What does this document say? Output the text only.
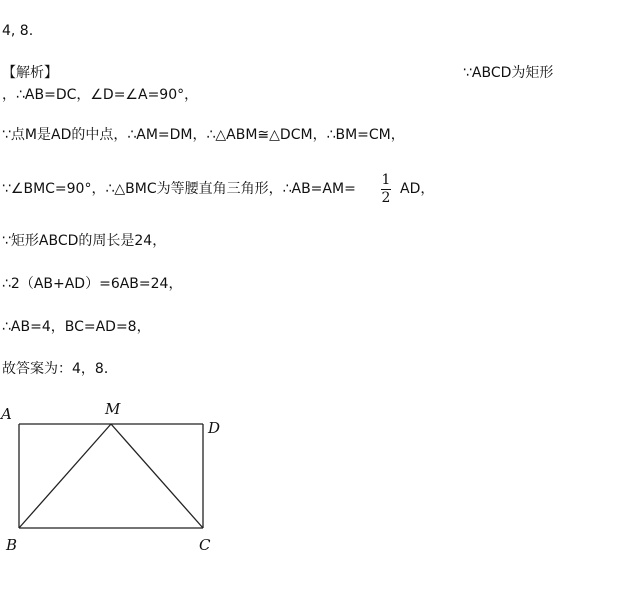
4, 8.
【解析】	∵ABCD为矩形
，∴AB=DC，∠D=∠A=90°，
∵点M是AD的中点，∴AM=DM，∴△ABM≅△DCM，∴BM=CM，
∵∠BMC=90°，∴△BMC为等腰直角三角形，∴AB=AM=
1
2
AD，
∵矩形ABCD的周长是24，
∴2（AB+AD）=6AB=24，
∴AB=4，BC=AD=8，
故答案为：4，8．
A	M
D
B	C
